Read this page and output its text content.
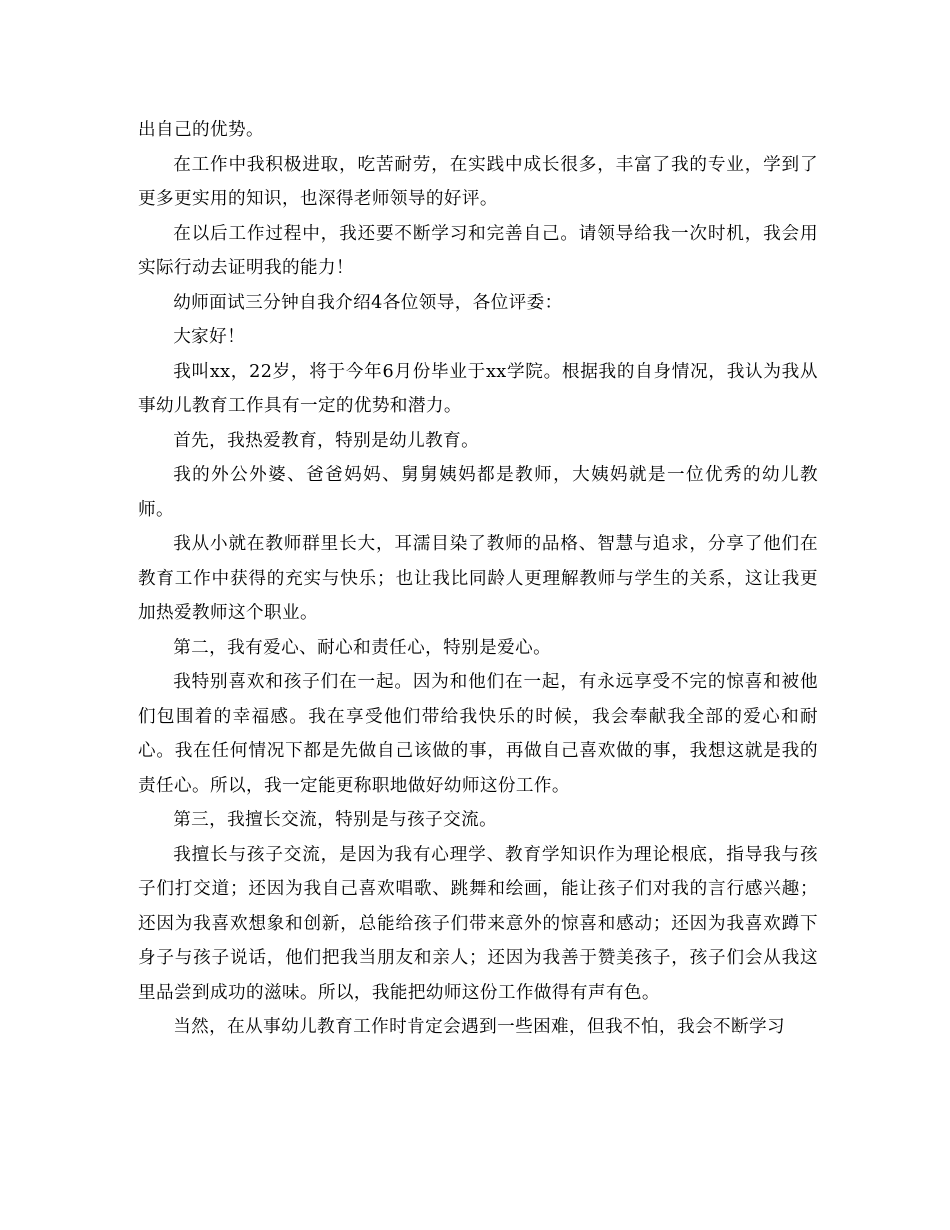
出自己的优势。

在工作中我积极进取，吃苦耐劳，在实践中成长很多，丰富了我的专业，学到了更多更实用的知识，也深得老师领导的好评。

在以后工作过程中，我还要不断学习和完善自己。请领导给我一次时机，我会用实际行动去证明我的能力！

幼师面试三分钟自我介绍4各位领导，各位评委：

大家好！

我叫xx，22岁，将于今年6月份毕业于xx学院。根据我的自身情况，我认为我从事幼儿教育工作具有一定的优势和潜力。

首先，我热爱教育，特别是幼儿教育。

我的外公外婆、爸爸妈妈、舅舅姨妈都是教师，大姨妈就是一位优秀的幼儿教师。

我从小就在教师群里长大，耳濡目染了教师的品格、智慧与追求，分享了他们在教育工作中获得的充实与快乐；也让我比同龄人更理解教师与学生的关系，这让我更加热爱教师这个职业。

第二，我有爱心、耐心和责任心，特别是爱心。

我特别喜欢和孩子们在一起。因为和他们在一起，有永远享受不完的惊喜和被他们包围着的幸福感。我在享受他们带给我快乐的时候，我会奉献我全部的爱心和耐心。我在任何情况下都是先做自己该做的事，再做自己喜欢做的事，我想这就是我的责任心。所以，我一定能更称职地做好幼师这份工作。

第三，我擅长交流，特别是与孩子交流。

我擅长与孩子交流，是因为我有心理学、教育学知识作为理论根底，指导我与孩子们打交道；还因为我自己喜欢唱歌、跳舞和绘画，能让孩子们对我的言行感兴趣；还因为我喜欢想象和创新，总能给孩子们带来意外的惊喜和感动；还因为我喜欢蹲下身子与孩子说话，他们把我当朋友和亲人；还因为我善于赞美孩子，孩子们会从我这里品尝到成功的滋味。所以，我能把幼师这份工作做得有声有色。

当然，在从事幼儿教育工作时肯定会遇到一些困难，但我不怕，我会不断学习
